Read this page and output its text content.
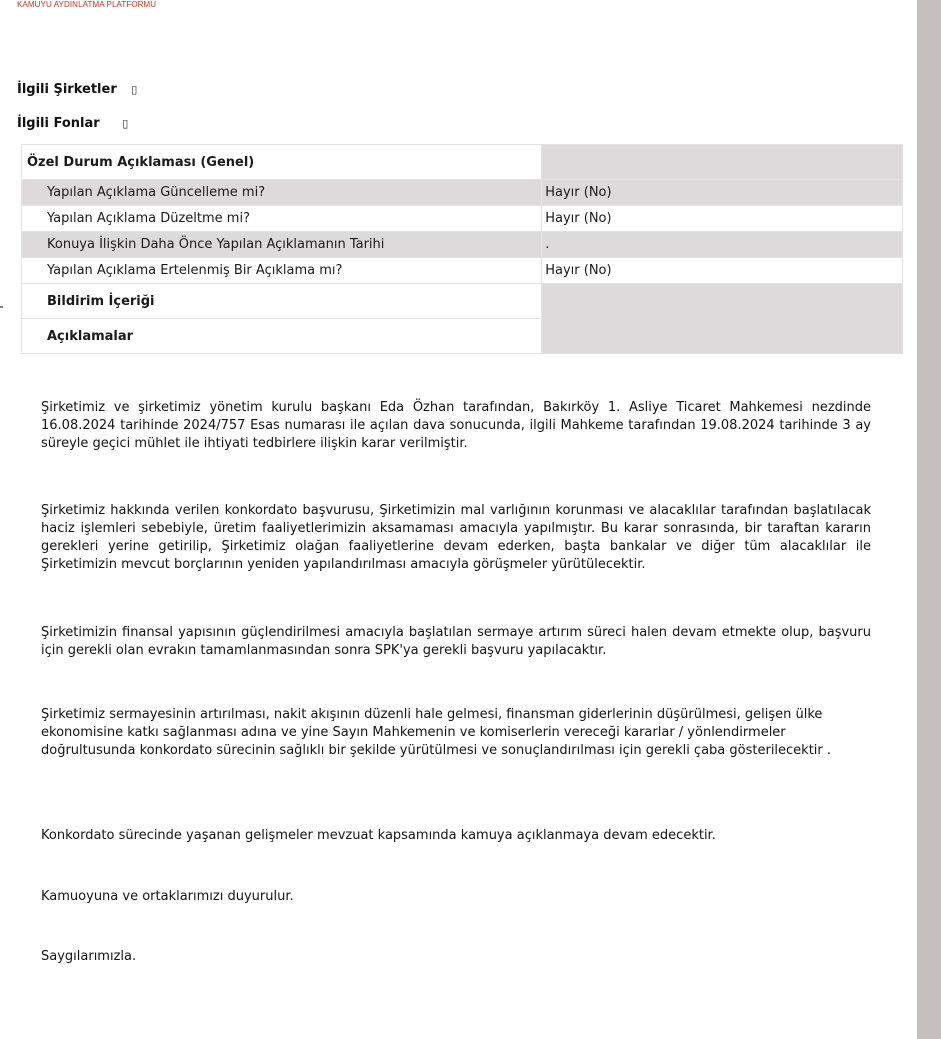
KAMUYU AYDINLATMA PLATFORMU
İlgili Şirketler ▯
İlgili Fonlar ▯
Özel Durum Açıklaması (Genel)	
Yapılan Açıklama Güncelleme mi?	Hayır (No)
Yapılan Açıklama Düzeltme mi?	Hayır (No)
Konuya İlişkin Daha Önce Yapılan Açıklamanın Tarihi	.
Yapılan Açıklama Ertelenmiş Bir Açıklama mı?	Hayır (No)
Bildirim İçeriği	
Açıklamalar	

Şirketimiz ve şirketimiz yönetim kurulu başkanı Eda Özhan tarafından, Bakırköy 1. Asliye Ticaret Mahkemesi nezdinde 16.08.2024 tarihinde 2024/757 Esas numarası ile açılan dava sonucunda, ilgili Mahkeme tarafından 19.08.2024 tarihinde 3 ay süreyle geçici mühlet ile ihtiyati tedbirlere ilişkin karar verilmiştir.

Şirketimiz hakkında verilen konkordato başvurusu, Şirketimizin mal varlığının korunması ve alacaklılar tarafından başlatılacak haciz işlemleri sebebiyle, üretim faaliyetlerimizin aksamaması amacıyla yapılmıştır. Bu karar sonrasında, bir taraftan kararın gerekleri yerine getirilip, Şirketimiz olağan faaliyetlerine devam ederken, başta bankalar ve diğer tüm alacaklılar ile Şirketimizin mevcut borçlarının yeniden yapılandırılması amacıyla görüşmeler yürütülecektir.

Şirketimizin finansal yapısının güçlendirilmesi amacıyla başlatılan sermaye artırım süreci halen devam etmekte olup, başvuru için gerekli olan evrakın tamamlanmasından sonra SPK'ya gerekli başvuru yapılacaktır.

Şirketimiz sermayesinin artırılması, nakit akışının düzenli hale gelmesi, finansman giderlerinin düşürülmesi, gelişen ülke ekonomisine katkı sağlanması adına ve yine Sayın Mahkemenin ve komiserlerin vereceği kararlar / yönlendirmeler doğrultusunda konkordato sürecinin sağlıklı bir şekilde yürütülmesi ve sonuçlandırılması için gerekli çaba gösterilecektir .

Konkordato sürecinde yaşanan gelişmeler mevzuat kapsamında kamuya açıklanmaya devam edecektir.

Kamuoyuna ve ortaklarımızı duyurulur.

Saygılarımızla.
